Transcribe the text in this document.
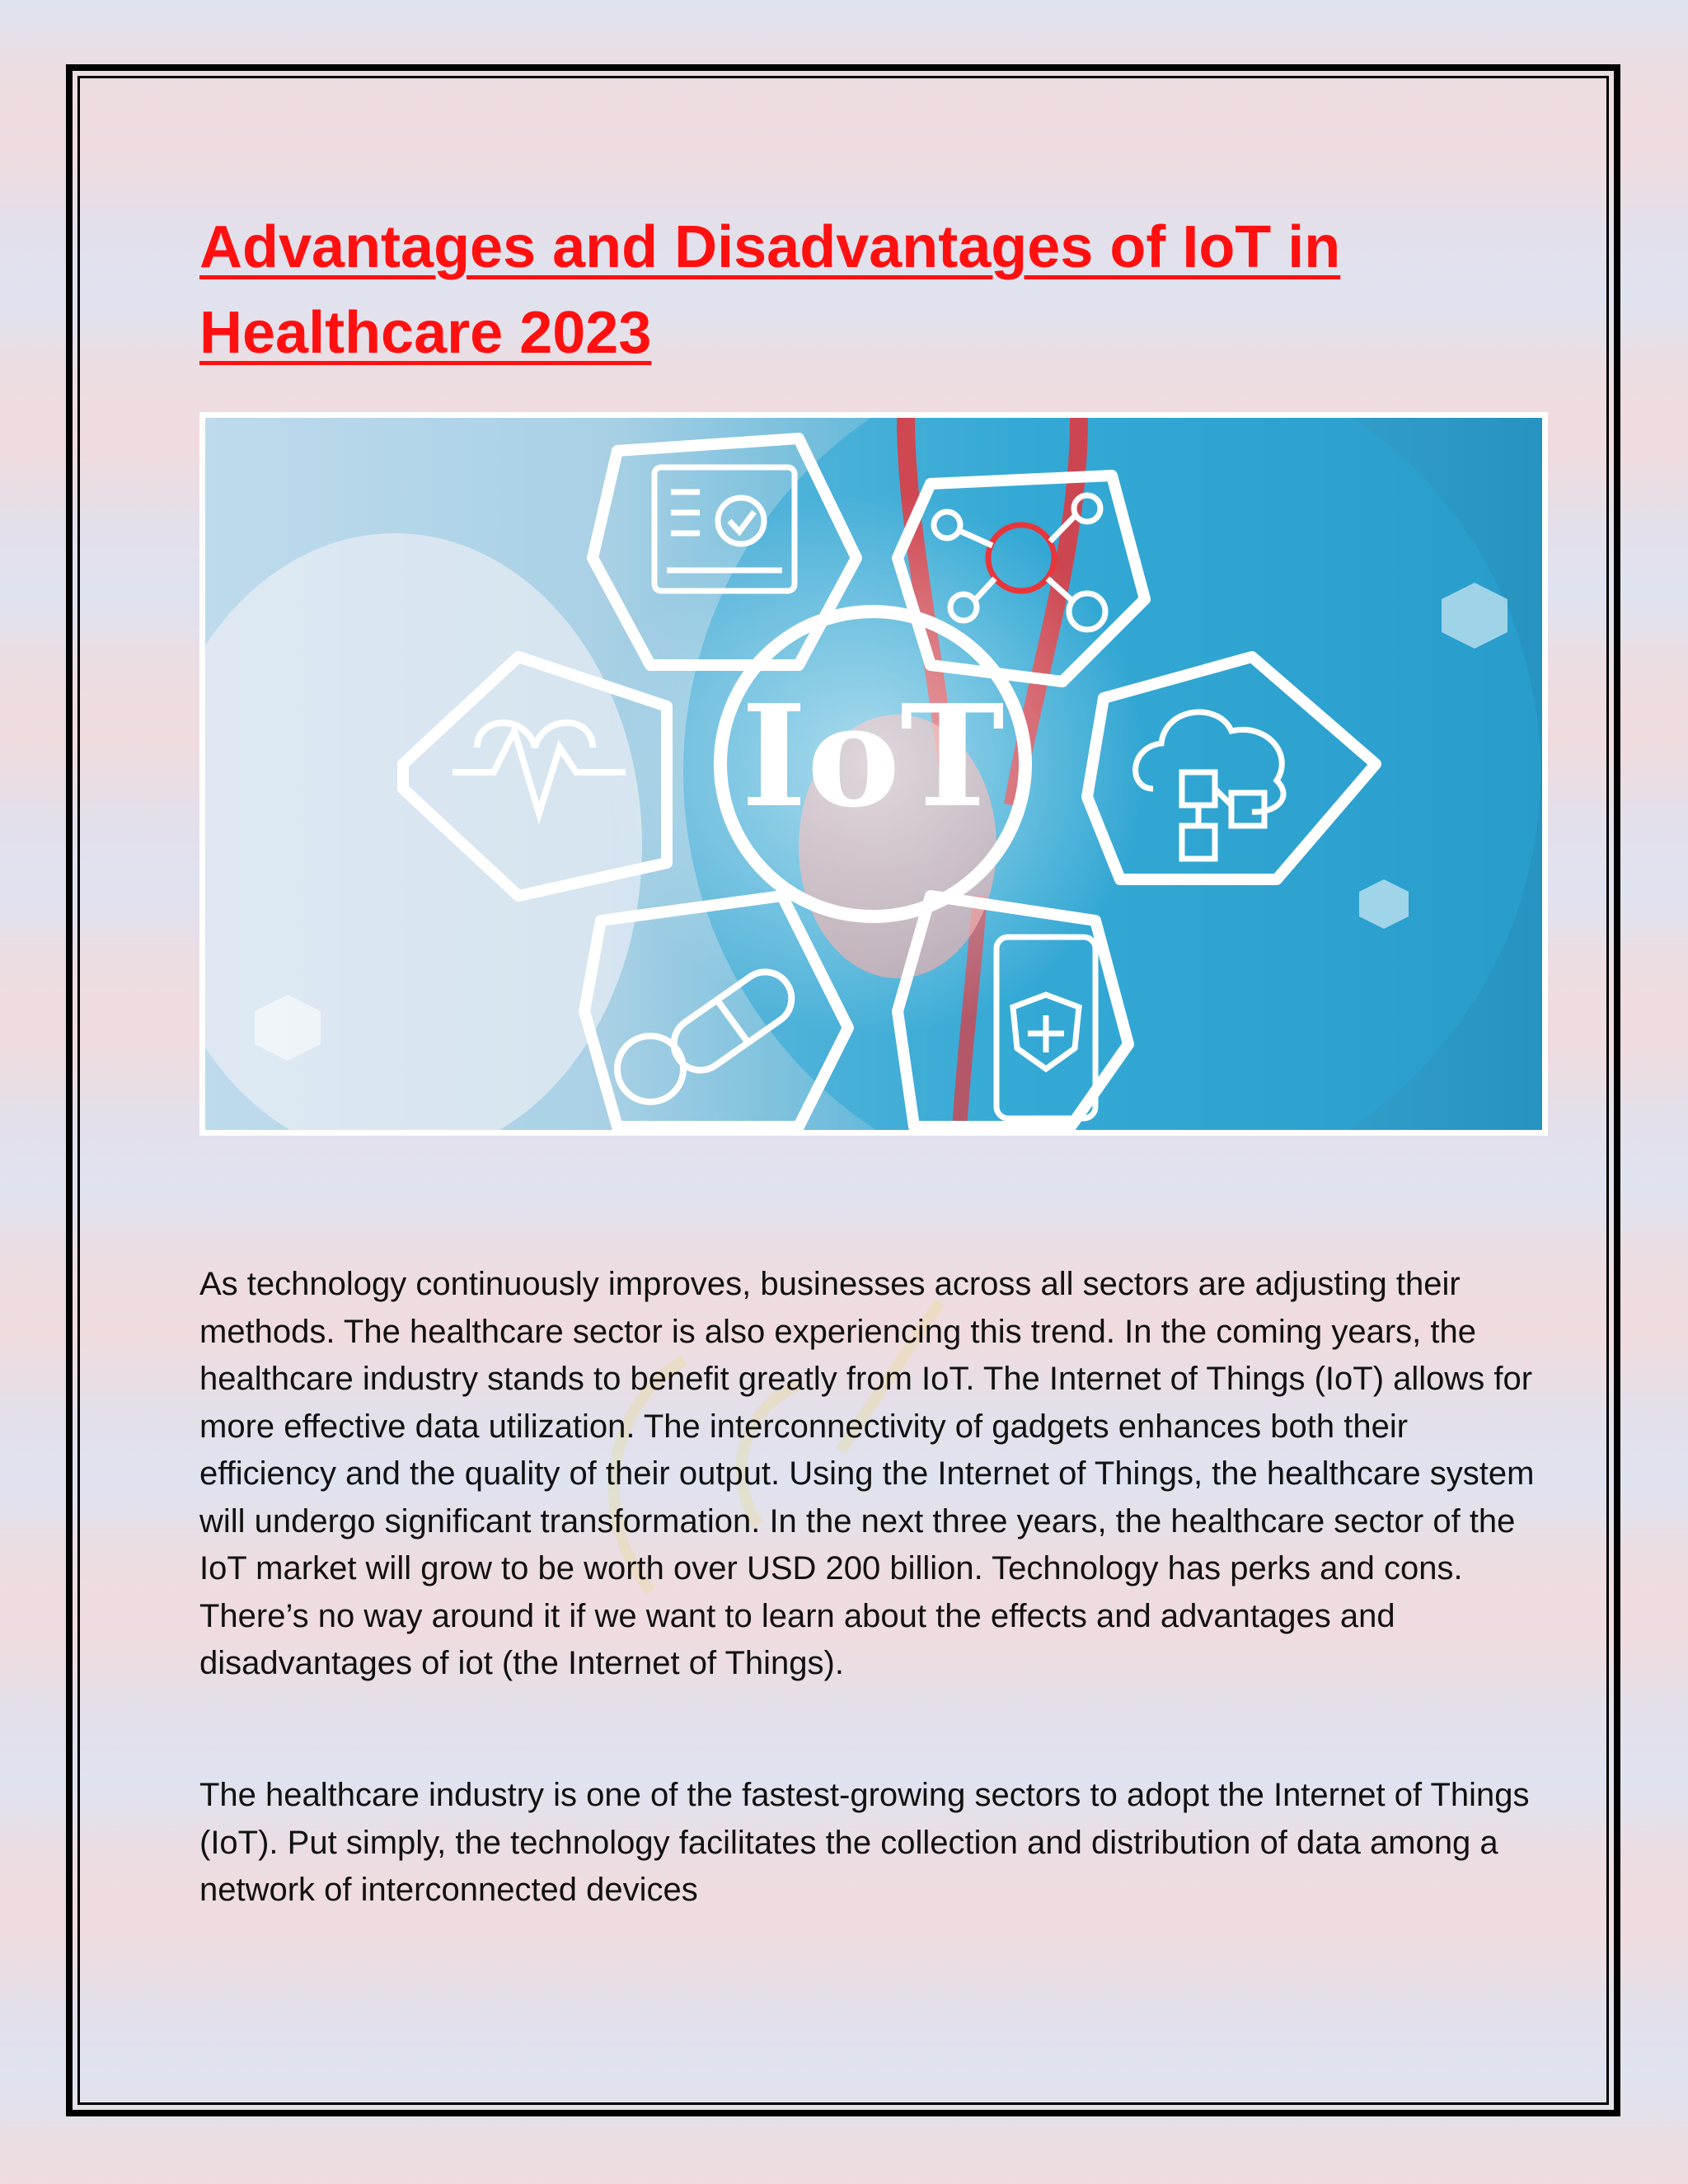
Advantages and Disadvantages of IoT in Healthcare 2023
IoT

As technology continuously improves, businesses across all sectors are adjusting their methods. The healthcare sector is also experiencing this trend. In the coming years, the healthcare industry stands to benefit greatly from IoT. The Internet of Things (IoT) allows for more effective data utilization. The interconnectivity of gadgets enhances both their efficiency and the quality of their output. Using the Internet of Things, the healthcare system will undergo significant transformation. In the next three years, the healthcare sector of the IoT market will grow to be worth over USD 200 billion. Technology has perks and cons. There’s no way around it if we want to learn about the effects and advantages and disadvantages of iot (the Internet of Things).

The healthcare industry is one of the fastest-growing sectors to adopt the Internet of Things (IoT). Put simply, the technology facilitates the collection and distribution of data among a network of interconnected devices
